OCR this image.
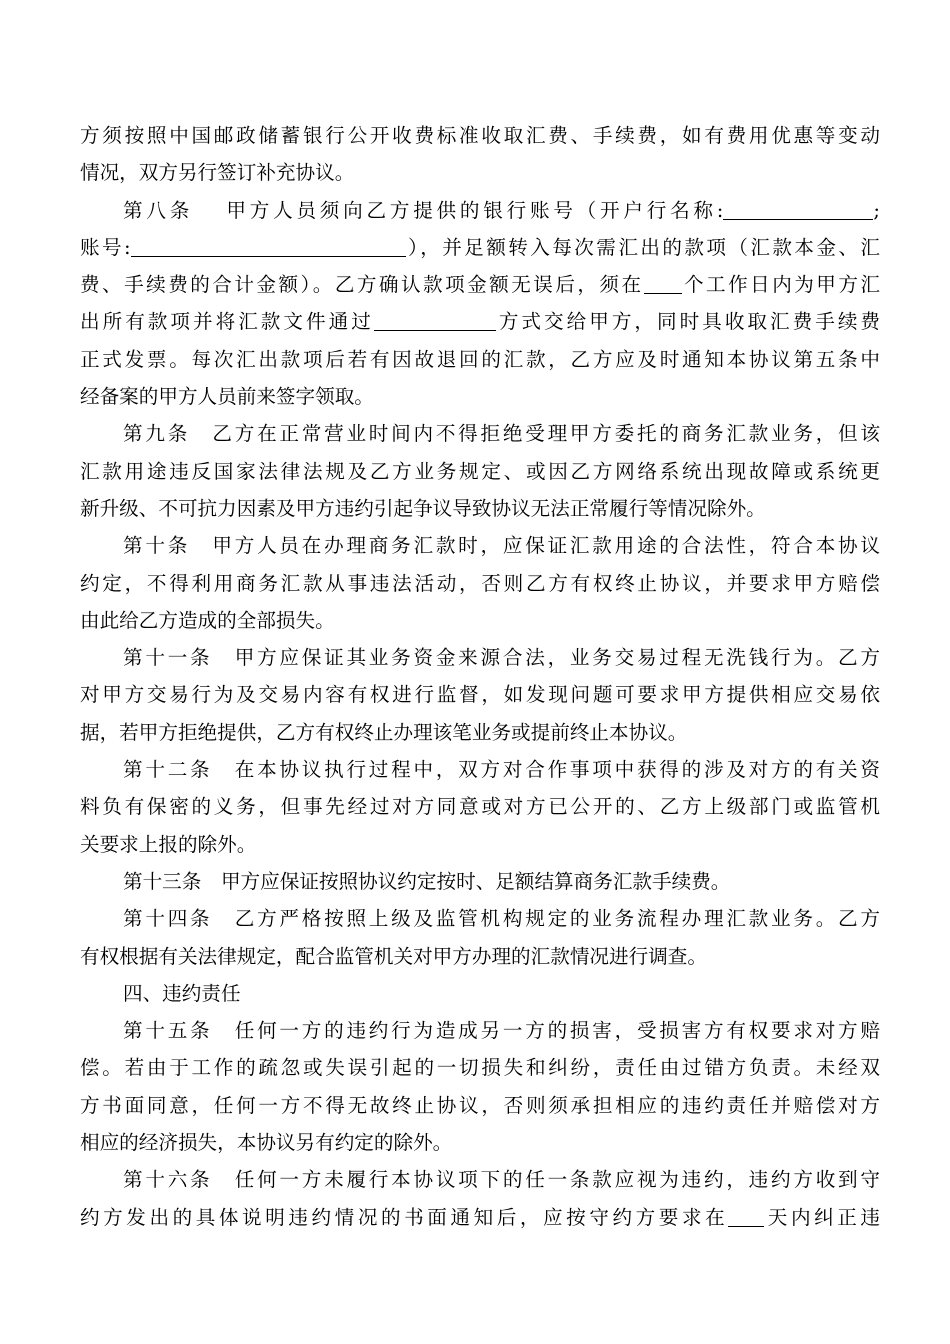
方须按照中国邮政储蓄银行公开收费标准收取汇费、手续费，如有费用优惠等变动
情况，双方另行签订补充协议。
第八条　 甲方人员须向乙方提供的银行账号（开户行名称:	;
账号:	），并足额转入每次需汇出的款项（汇款本金、汇
费、手续费的合计金额）。乙方确认款项金额无误后，须在 个工作日内为甲方汇
出所有款项并将汇款文件通过	方式交给甲方，同时具收取汇费手续费
正式发票。每次汇出款项后若有因故退回的汇款，乙方应及时通知本协议第五条中
经备案的甲方人员前来签字领取。
第九条　乙方在正常营业时间内不得拒绝受理甲方委托的商务汇款业务，但该
汇款用途违反国家法律法规及乙方业务规定、或因乙方网络系统出现故障或系统更
新升级、不可抗力因素及甲方违约引起争议导致协议无法正常履行等情况除外。
第十条　甲方人员在办理商务汇款时，应保证汇款用途的合法性，符合本协议
约定，不得利用商务汇款从事违法活动，否则乙方有权终止协议，并要求甲方赔偿
由此给乙方造成的全部损失。
第十一条　甲方应保证其业务资金来源合法，业务交易过程无洗钱行为。乙方
对甲方交易行为及交易内容有权进行监督，如发现问题可要求甲方提供相应交易依
据，若甲方拒绝提供，乙方有权终止办理该笔业务或提前终止本协议。
第十二条　在本协议执行过程中，双方对合作事项中获得的涉及对方的有关资
料负有保密的义务，但事先经过对方同意或对方已公开的、乙方上级部门或监管机
关要求上报的除外。
第十三条　甲方应保证按照协议约定按时、足额结算商务汇款手续费。
第十四条　乙方严格按照上级及监管机构规定的业务流程办理汇款业务。乙方
有权根据有关法律规定，配合监管机关对甲方办理的汇款情况进行调查。
四、违约责任
第十五条　任何一方的违约行为造成另一方的损害，受损害方有权要求对方赔
偿。若由于工作的疏忽或失误引起的一切损失和纠纷，责任由过错方负责。未经双
方书面同意，任何一方不得无故终止协议，否则须承担相应的违约责任并赔偿对方
相应的经济损失，本协议另有约定的除外。
第十六条　任何一方未履行本协议项下的任一条款应视为违约，违约方收到守
约方发出的具体说明违约情况的书面通知后，应按守约方要求在 天内纠正违
